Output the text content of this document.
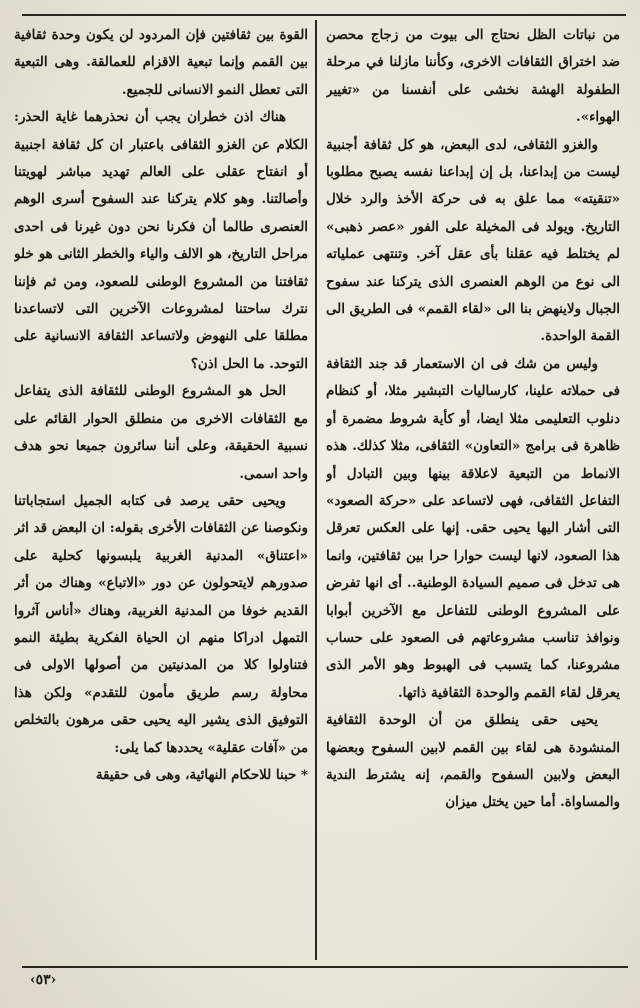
من نباتات الظل نحتاج الى بيوت من زجاج محصن ضد اختراق الثقافات الاخرى، وكأننا مازلنا في مرحلة الطفولة الهشة نخشى على أنفسنا من «تغيير الهواء».

والغزو الثقافى، لدى البعض، هو كل ثقافة أجنبية ليست من إبداعنا، بل إن إبداعنا نفسه يصبح مطلوبا «تنقيته» مما علق به فى حركة الأخذ والرد خلال التاريخ. ويولد فى المخيلة على الفور «عصر ذهبى» لم يختلط فيه عقلنا بأى عقل آخر. وتنتهى عملياته الى نوع من الوهم العنصرى الذى يتركنا عند سفوح الجبال ولاينهض بنا الى «لقاء القمم» فى الطريق الى القمة الواحدة.

وليس من شك فى ان الاستعمار قد جند الثقافة فى حملاته علينا، كارساليات التبشير مثلا، أو كنظام دنلوب التعليمى مثلا ايضا، أو كأية شروط مضمرة أو ظاهرة فى برامج «التعاون» الثقافى، مثلا كذلك. هذه الانماط من التبعية لاعلاقة بينها وبين التبادل أو التفاعل الثقافى، فهى لاتساعد على «حركة الصعود» التى أشار اليها يحيى حقى. إنها على العكس تعرقل هذا الصعود، لانها ليست حوارا حرا بين ثقافتين، وانما هى تدخل فى صميم السيادة الوطنية.. أى انها تفرض على المشروع الوطنى للتفاعل مع الآخرين أبوابا ونوافذ تناسب مشروعاتهم فى الصعود على حساب مشروعنا، كما يتسبب فى الهبوط وهو الأمر الذى يعرقل لقاء القمم والوحدة الثقافية ذاتها.

يحيى حقى ينطلق من أن الوحدة الثقافية المنشودة هى لقاء بين القمم لابين السفوح وبعضها البعض ولابين السفوح والقمم، إنه يشترط الندية والمساواة. أما حين يختل ميزان

القوة بين ثقافتين فإن المردود لن يكون وحدة ثقافية بين القمم وإنما تبعية الاقزام للعمالقة. وهى التبعية التى تعطل النمو الانسانى للجميع.

هناك اذن خطران يجب أن نحذرهما غاية الحذر: الكلام عن الغزو الثقافى باعتبار ان كل ثقافة اجنبية أو انفتاح عقلى على العالم تهديد مباشر لهويتنا وأصالتنا. وهو كلام يتركنا عند السفوح أسرى الوهم العنصرى طالما أن فكرنا نحن دون غيرنا فى احدى مراحل التاريخ، هو الالف والياء والخطر الثانى هو خلو ثقافتنا من المشروع الوطنى للصعود، ومن ثم فإننا نترك ساحتنا لمشروعات الآخرين التى لاتساعدنا مطلقا على النهوض ولاتساعد الثقافة الانسانية على التوحد. ما الحل اذن؟

الحل هو المشروع الوطنى للثقافة الذى يتفاعل مع الثقافات الاخرى من منطلق الحوار القائم على نسبية الحقيقة، وعلى أننا سائرون جميعا نحو هدف واحد اسمى.

ويحيى حقى يرصد فى كتابه الجميل استجاباتنا ونكوصنا عن الثقافات الأخرى بقوله: ان البعض قد اثر «اعتناق» المدنية الغربية يلبسونها كحلية على صدورهم لايتحولون عن دور «الاتباع» وهناك من أثر القديم خوفا من المدنية الغربية، وهناك «أناس آثروا التمهل ادراكا منهم ان الحياة الفكرية بطيئة النمو فتناولوا كلا من المدنيتين من أصولها الاولى فى محاولة رسم طريق مأمون للتقدم» ولكن هذا التوفيق الذى يشير اليه يحيى حقى مرهون بالتخلص من «آفات عقلية» يحددها كما يلى:

* حبنا للاحكام النهائية، وهى فى حقيقة

‹٥٣›
